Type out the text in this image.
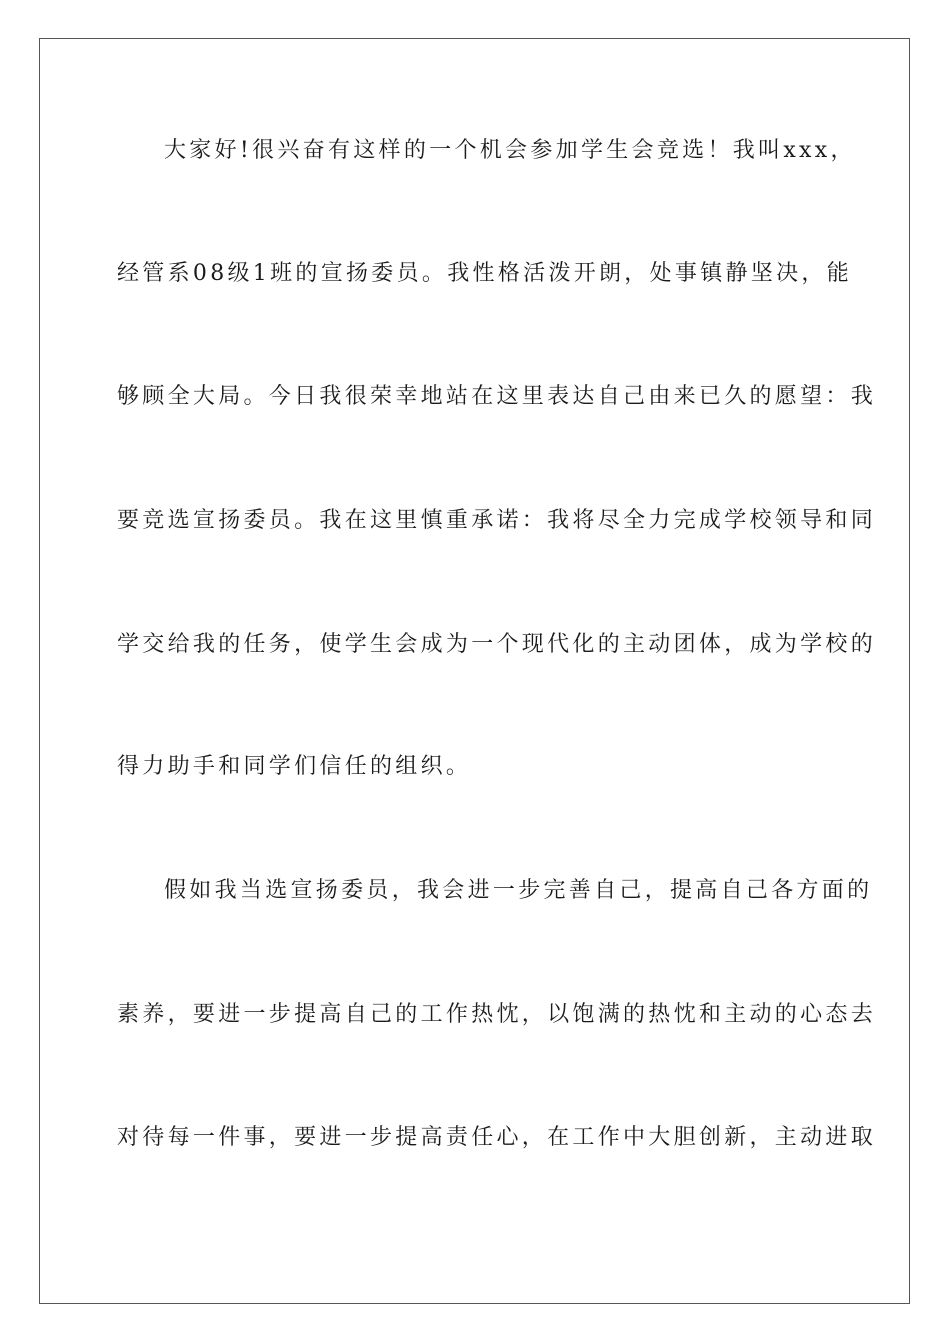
大家好!很兴奋有这样的一个机会参加学生会竞选！我叫xxx，
经管系08级1班的宣扬委员。我性格活泼开朗，处事镇静坚决，能
够顾全大局。今日我很荣幸地站在这里表达自己由来已久的愿望：我
要竞选宣扬委员。我在这里慎重承诺：我将尽全力完成学校领导和同
学交给我的任务，使学生会成为一个现代化的主动团体，成为学校的
得力助手和同学们信任的组织。
假如我当选宣扬委员，我会进一步完善自己，提高自己各方面的
素养，要进一步提高自己的工作热忱，以饱满的热忱和主动的心态去
对待每一件事，要进一步提高责任心，在工作中大胆创新，主动进取
